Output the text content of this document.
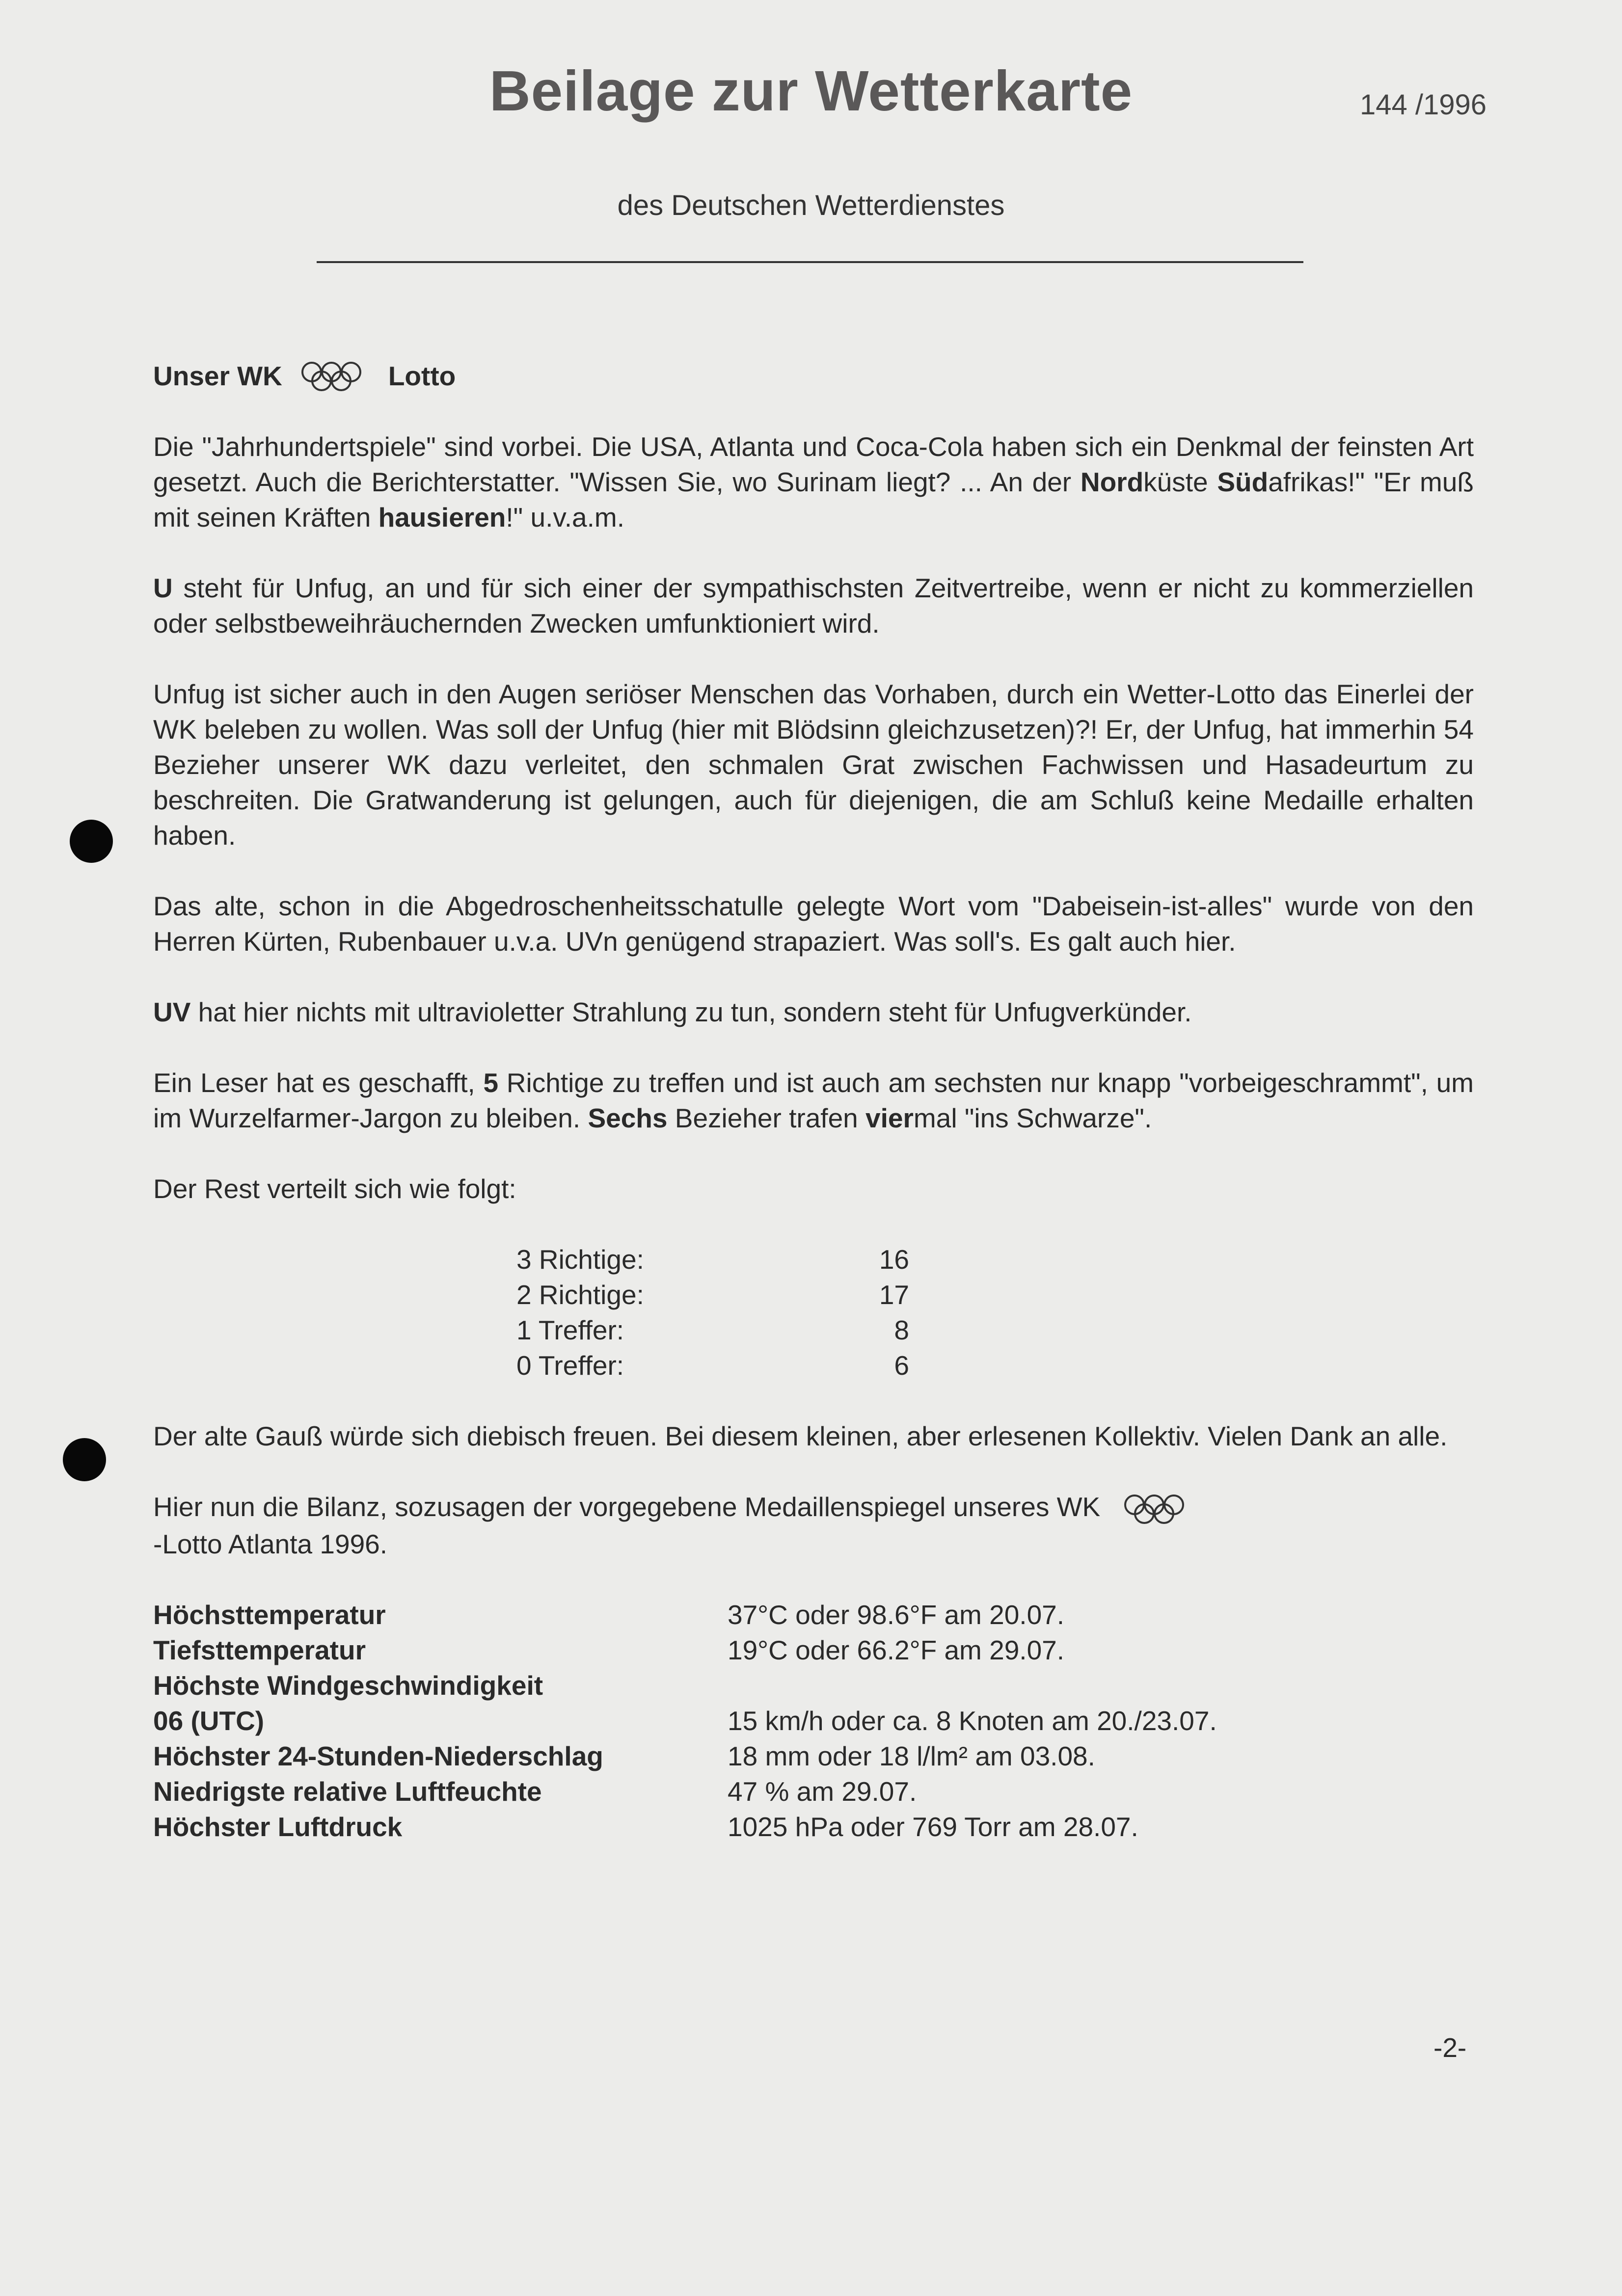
Beilage zur Wetterkarte	144 /1996
des Deutschen Wetterdienstes
Unser WK	Lotto

Die "Jahrhundertspiele" sind vorbei. Die USA, Atlanta und Coca-Cola haben sich ein Denkmal der feinsten Art gesetzt. Auch die Berichterstatter. "Wissen Sie, wo Surinam liegt? ... An der Nordküste Südafrikas!" "Er muß mit seinen Kräften hausieren!" u.v.a.m.

U steht für Unfug, an und für sich einer der sympathischsten Zeitvertreibe, wenn er nicht zu kommerziellen oder selbstbeweihräuchernden Zwecken umfunktioniert wird.

Unfug ist sicher auch in den Augen seriöser Menschen das Vorhaben, durch ein Wetter-Lotto das Einerlei der WK beleben zu wollen. Was soll der Unfug (hier mit Blödsinn gleichzusetzen)?! Er, der Unfug, hat immerhin 54 Bezieher unserer WK dazu verleitet, den schmalen Grat zwischen Fachwissen und Hasadeurtum zu beschreiten. Die Gratwanderung ist gelungen, auch für diejenigen, die am Schluß keine Medaille erhalten haben.

Das alte, schon in die Abgedroschenheitsschatulle gelegte Wort vom "Dabeisein-ist-alles" wurde von den Herren Kürten, Rubenbauer u.v.a. UVn genügend strapaziert. Was soll's. Es galt auch hier.

UV hat hier nichts mit ultravioletter Strahlung zu tun, sondern steht für Unfugverkünder.

Ein Leser hat es geschafft, 5 Richtige zu treffen und ist auch am sechsten nur knapp "vorbeigeschrammt", um im Wurzelfarmer-Jargon zu bleiben. Sechs Bezieher trafen viermal "ins Schwarze".

Der Rest verteilt sich wie folgt:

3 Richtige:	16
2 Richtige:	17
1 Treffer:	8
0 Treffer:	6

Der alte Gauß würde sich diebisch freuen. Bei diesem kleinen, aber erlesenen Kollektiv. Vielen Dank an alle.

Hier nun die Bilanz, sozusagen der vorgegebene Medaillenspiegel unseres WK

-Lotto Atlanta 1996.

Höchsttemperatur	37°C oder 98.6°F am 20.07.
Tiefsttemperatur	19°C oder 66.2°F am 29.07.
Höchste Windgeschwindigkeit
06 (UTC)	15 km/h oder ca. 8 Knoten am 20./23.07.
Höchster 24-Stunden-Niederschlag	18 mm oder 18 l/lm² am 03.08.
Niedrigste relative Luftfeuchte	47 % am 29.07.
Höchster Luftdruck	1025 hPa oder 769 Torr am 28.07.
-2-
